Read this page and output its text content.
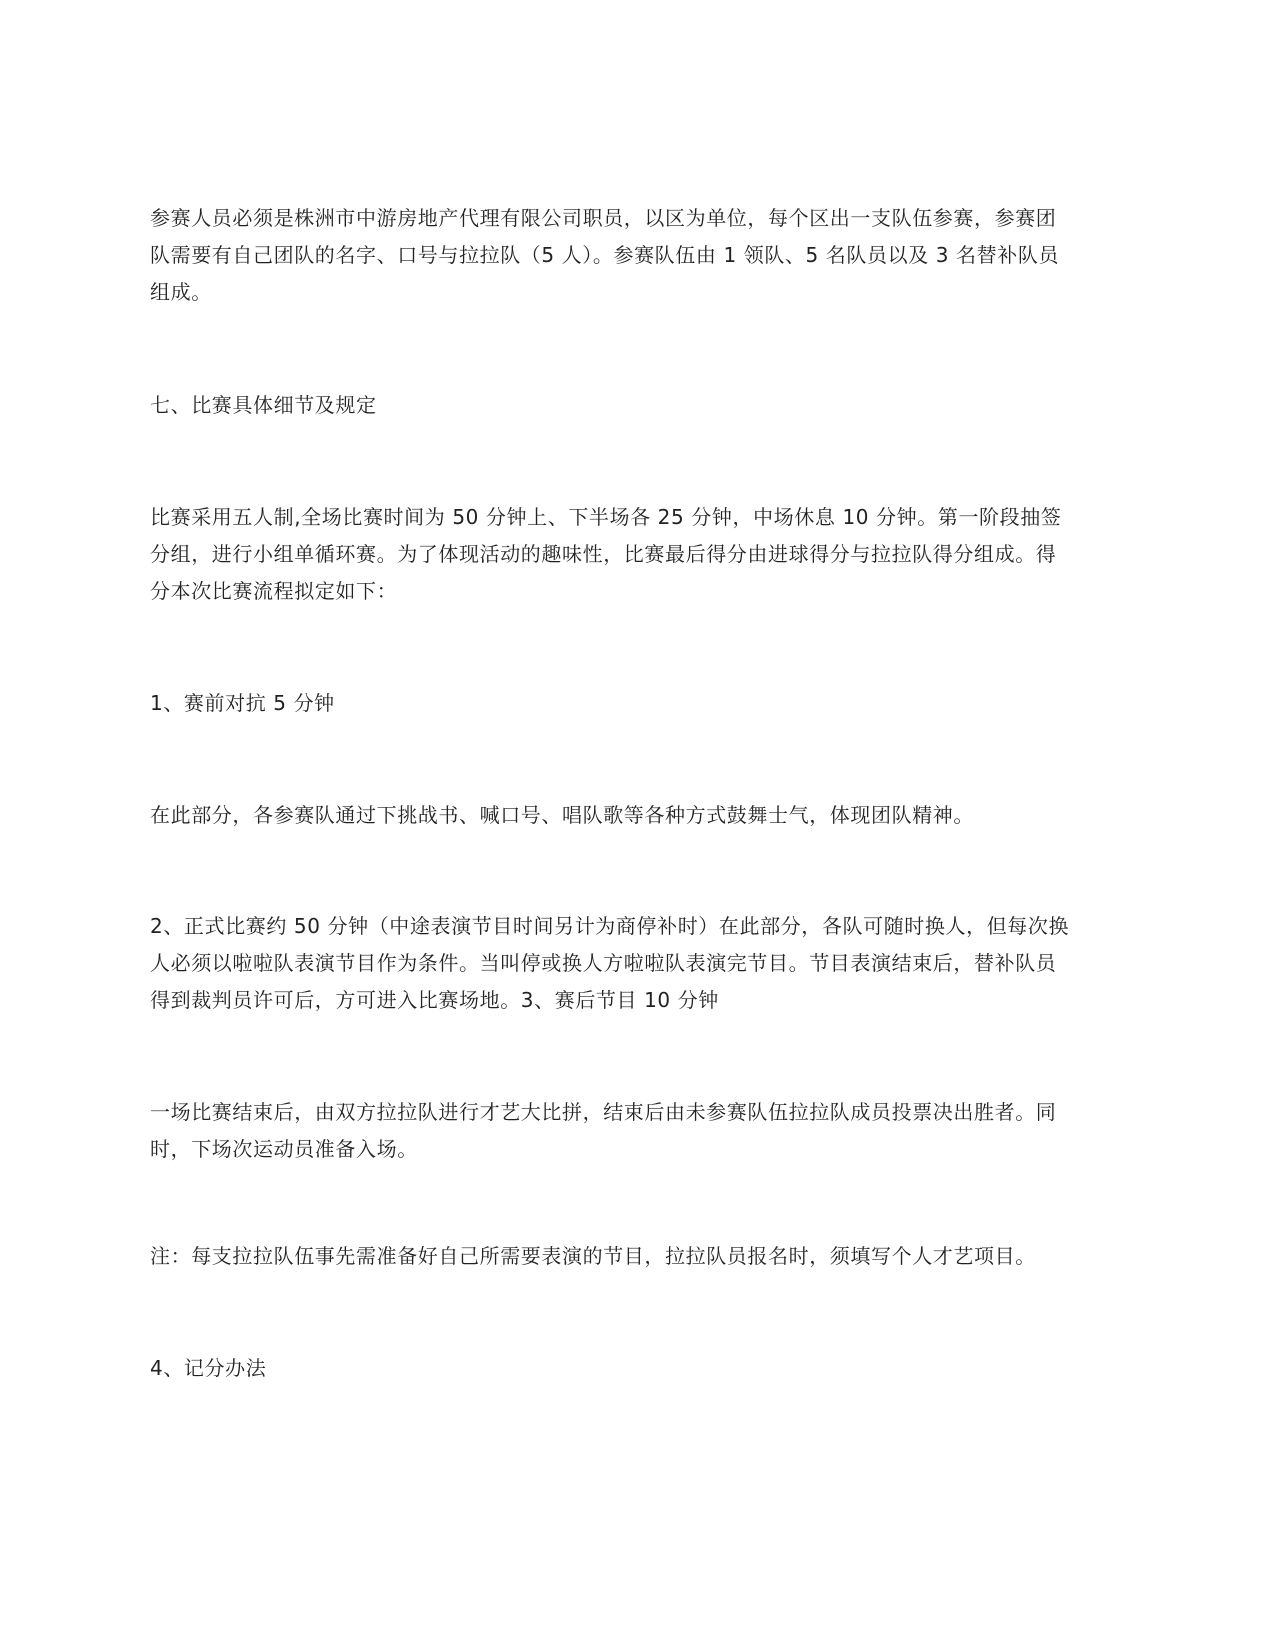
参赛人员必须是株洲市中游房地产代理有限公司职员，以区为单位，每个区出一支队伍参赛，参赛团
队需要有自己团队的名字、口号与拉拉队（5 人）。参赛队伍由 1 领队、5 名队员以及 3 名替补队员
组成。

七、比赛具体细节及规定

比赛采用五人制,全场比赛时间为 50 分钟上、下半场各 25 分钟，中场休息 10 分钟。第一阶段抽签
分组，进行小组单循环赛。为了体现活动的趣味性，比赛最后得分由进球得分与拉拉队得分组成。得
分本次比赛流程拟定如下：

1、赛前对抗 5 分钟

在此部分，各参赛队通过下挑战书、喊口号、唱队歌等各种方式鼓舞士气，体现团队精神。

2、正式比赛约 50 分钟（中途表演节目时间另计为商停补时）在此部分，各队可随时换人，但每次换
人必须以啦啦队表演节目作为条件。当叫停或换人方啦啦队表演完节目。节目表演结束后，替补队员
得到裁判员许可后，方可进入比赛场地。3、赛后节目 10 分钟

一场比赛结束后，由双方拉拉队进行才艺大比拼，结束后由未参赛队伍拉拉队成员投票决出胜者。同
时，下场次运动员准备入场。

注：每支拉拉队伍事先需准备好自己所需要表演的节目，拉拉队员报名时，须填写个人才艺项目。

4、记分办法
